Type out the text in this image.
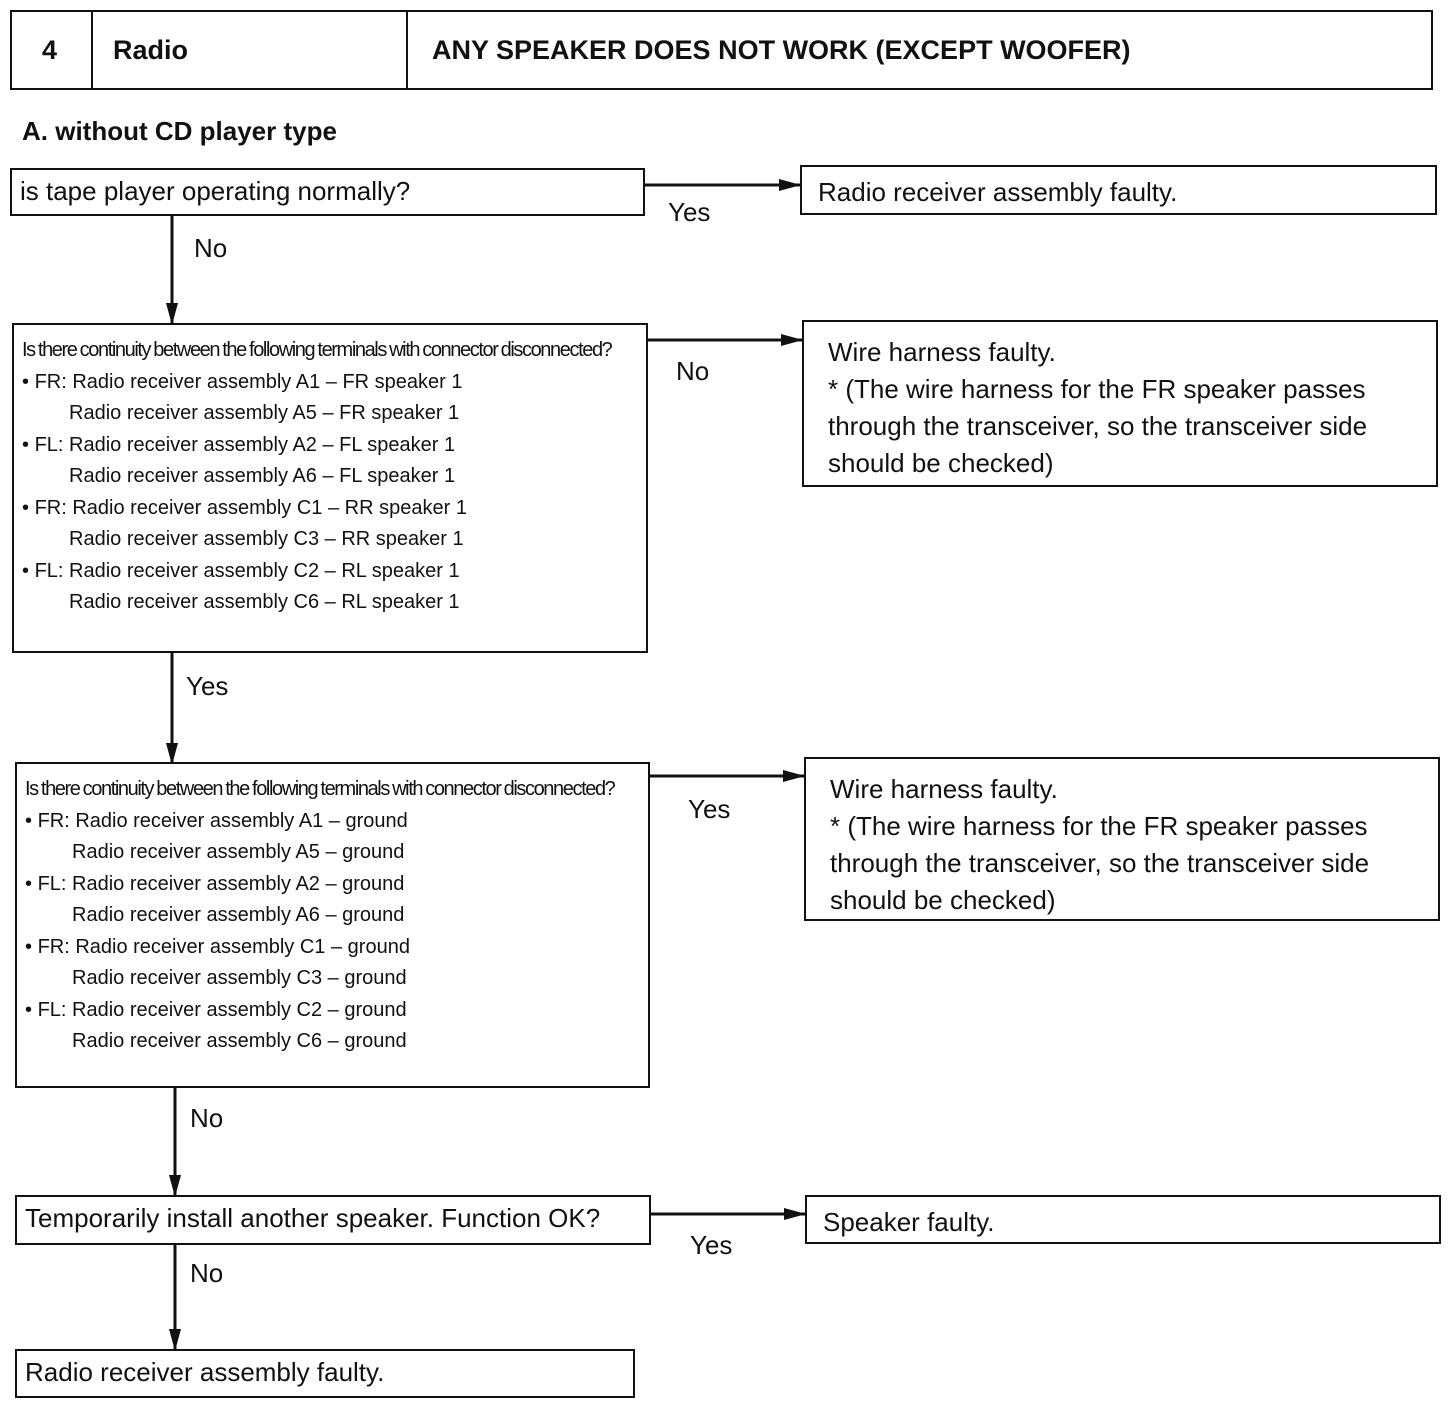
4 Radio	ANY SPEAKER DOES NOT WORK (EXCEPT WOOFER)
A. without CD player type
is tape player operating normally?	Radio receiver assembly faulty.
Yes
No
Is there continuity between the following terminals with connector disconnected?
• FR: Radio receiver assembly A1 – FR speaker 1
Radio receiver assembly A5 – FR speaker 1
• FL: Radio receiver assembly A2 – FL speaker 1
Radio receiver assembly A6 – FL speaker 1
• FR: Radio receiver assembly C1 – RR speaker 1
Radio receiver assembly C3 – RR speaker 1
• FL: Radio receiver assembly C2 – RL speaker 1
Radio receiver assembly C6 – RL speaker 1
Wire harness faulty.
* (The wire harness for the FR speaker passes
through the transceiver, so the transceiver side
should be checked)
No
Yes
Is there continuity between the following terminals with connector disconnected?
• FR: Radio receiver assembly A1 – ground
Radio receiver assembly A5 – ground
• FL: Radio receiver assembly A2 – ground
Radio receiver assembly A6 – ground
• FR: Radio receiver assembly C1 – ground
Radio receiver assembly C3 – ground
• FL: Radio receiver assembly C2 – ground
Radio receiver assembly C6 – ground
Wire harness faulty.
* (The wire harness for the FR speaker passes
through the transceiver, so the transceiver side
should be checked)
Yes
No
Temporarily install another speaker. Function OK?	Speaker faulty.
Yes
No
Radio receiver assembly faulty.
